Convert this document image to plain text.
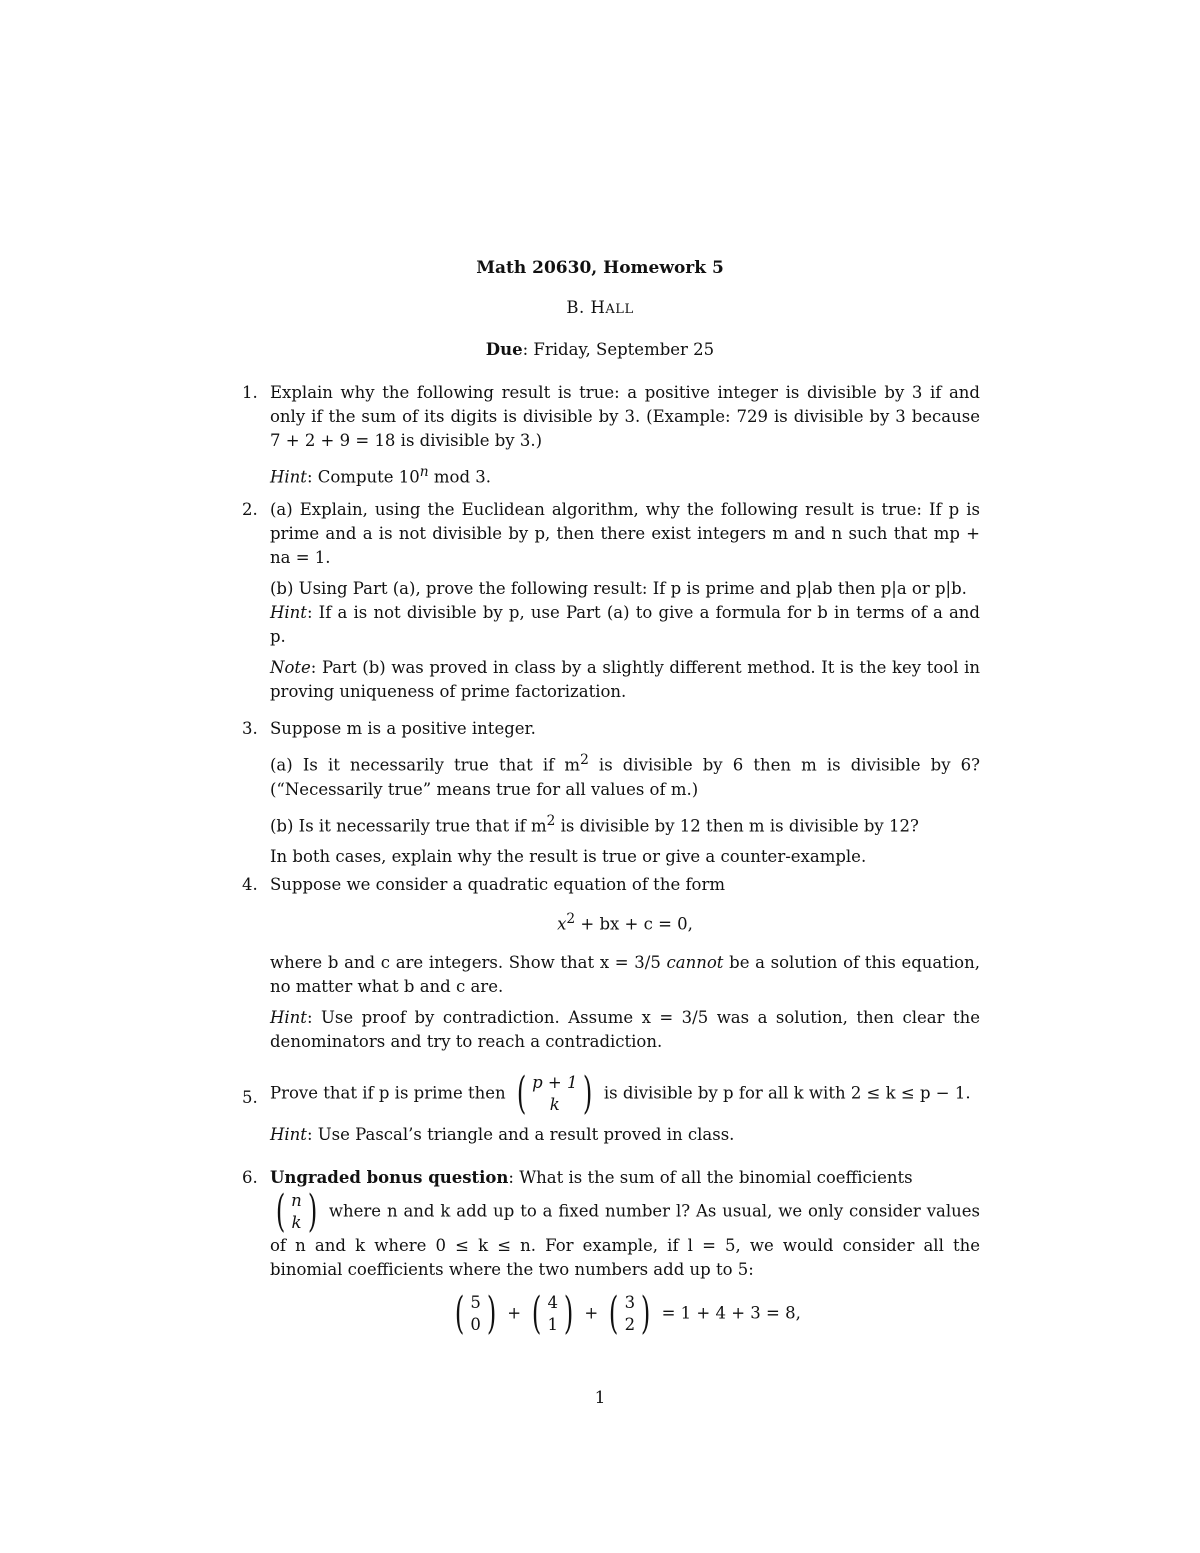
Math 20630, Homework 5
B. HALL
Due: Friday, September 25
1. Explain why the following result is true: a positive integer is divisible by 3 if and only if the sum of its digits is divisible by 3. (Example: 729 is divisible by 3 because 7 + 2 + 9 = 18 is divisible by 3.)

Hint: Compute 10$^n$ mod 3.

2. (a) Explain, using the Euclidean algorithm, why the following result is true: If p is prime and a is not divisible by p, then there exist integers m and n such that mp + na = 1.

(b) Using Part (a), prove the following result: If p is prime and p|ab then p|a or p|b.

Hint: If a is not divisible by p, use Part (a) to give a formula for b in terms of a and p.

Note: Part (b) was proved in class by a slightly different method. It is the key tool in proving uniqueness of prime factorization.

3. Suppose m is a positive integer.

(a) Is it necessarily true that if $m^2$ is divisible by 6 then m is divisible by 6? (“Necessarily true” means true for all values of m.)

(b) Is it necessarily true that if $m^2$ is divisible by 12 then m is divisible by 12?

In both cases, explain why the result is true or give a counter-example.

4. Suppose we consider a quadratic equation of the form

$x^2$ + bx + c = 0,

where b and c are integers. Show that x = 3/5 cannot be a solution of this equation, no matter what b and c are.

Hint: Use proof by contradiction. Assume x = 3/5 was a solution, then clear the denominators and try to reach a contradiction.

5. Prove that if p is prime then ( p + 1
k ) is divisible by p for all k with 2 ≤ k ≤ p − 1.

Hint: Use Pascal’s triangle and a result proved in class.

6. Ungraded bonus question: What is the sum of all the binomial coefficients

( n
k ) where n and k add up to a fixed number l? As usual, we only consider values of n and k where 0 ≤ k ≤ n. For example, if l = 5, we would consider all the binomial coefficients where the two numbers add up to 5:

( 5
0 ) + ( 4
1 ) + ( 3
2 ) = 1 + 4 + 3 = 8,
1
